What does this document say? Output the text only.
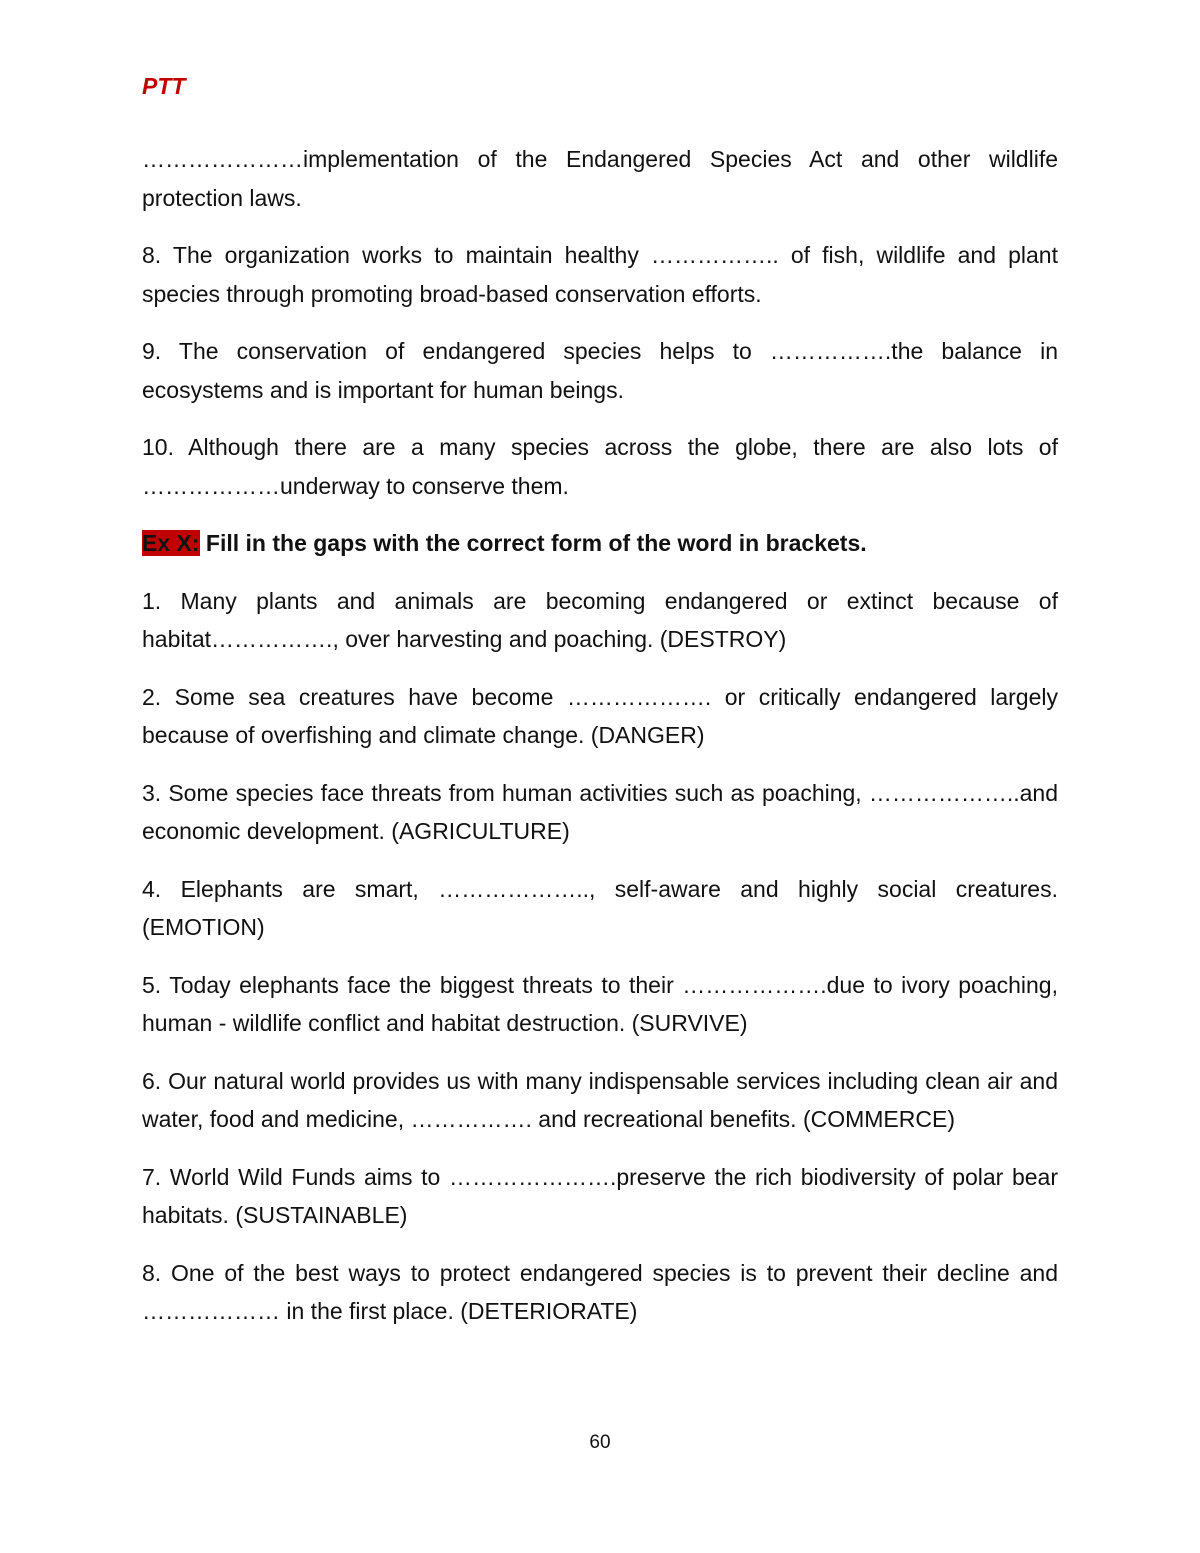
PTT

…………………implementation of the Endangered Species Act and other wildlife protection laws.

8. The organization works to maintain healthy …………….. of fish, wildlife and plant species through promoting broad-based conservation efforts.

9. The conservation of endangered species helps to …………….the balance in ecosystems and is important for human beings.

10. Although there are a many species across the globe, there are also lots of ………………underway to conserve them.

Ex X: Fill in the gaps with the correct form of the word in brackets.

1. Many plants and animals are becoming endangered or extinct because of habitat……………., over harvesting and poaching. (DESTROY)

2. Some sea creatures have become ………………. or critically endangered largely because of overfishing and climate change. (DANGER)

3. Some species face threats from human activities such as poaching, ………………..and economic development. (AGRICULTURE)

4. Elephants are smart, ……………….., self-aware and highly social creatures. (EMOTION)

5. Today elephants face the biggest threats to their ……………….due to ivory poaching, human - wildlife conflict and habitat destruction. (SURVIVE)

6. Our natural world provides us with many indispensable services including clean air and water, food and medicine, ……………. and recreational benefits. (COMMERCE)

7. World Wild Funds aims to ………………….preserve the rich biodiversity of polar bear habitats. (SUSTAINABLE)

8. One of the best ways to protect endangered species is to prevent their decline and ……………… in the first place. (DETERIORATE)

60
